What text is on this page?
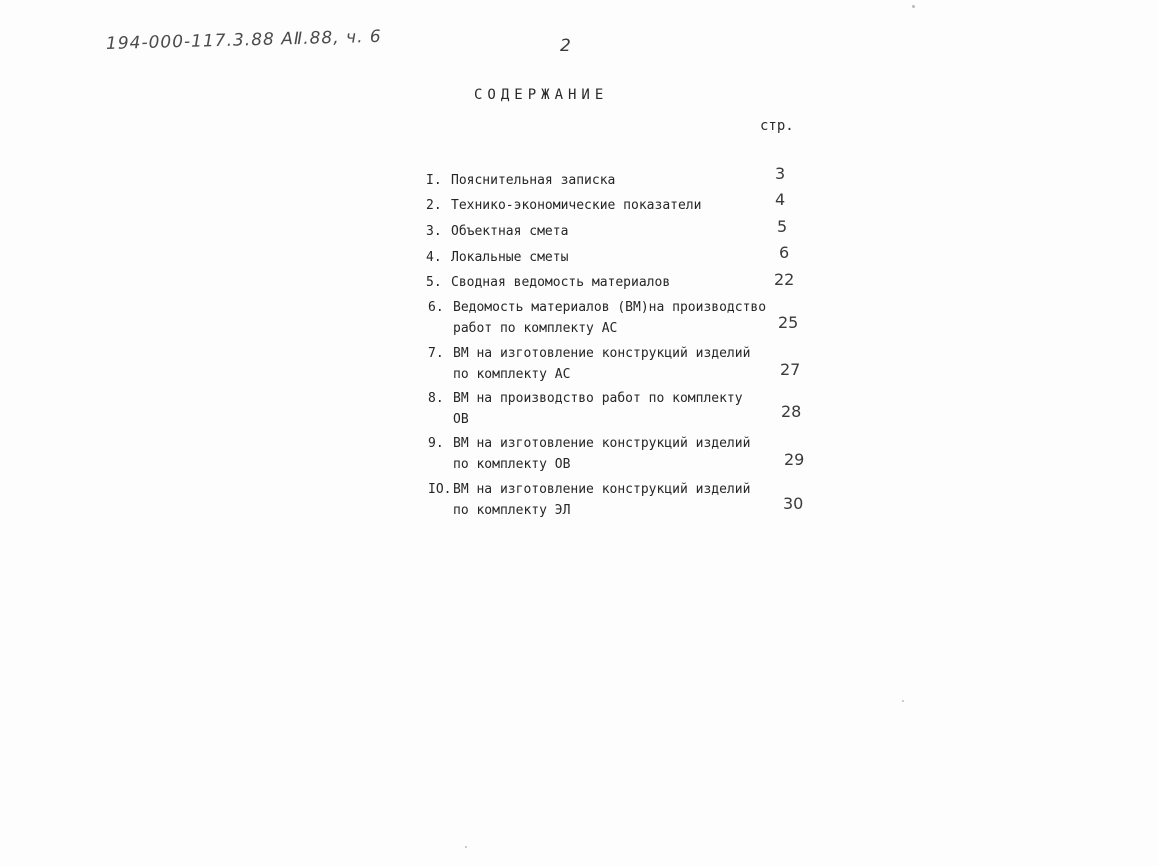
194-000-117.3.88 АⅡ.88, ч. 6	2
СОДЕРЖАНИЕ
стр.
I. Пояснительная записка	3
2. Технико-экономические показатели	4
3. Объектная смета	5
4. Локальные сметы	6
5. Сводная ведомость материалов	22
6. Ведомость материалов (ВМ)на производство
работ по комплекту АС	25
7. ВМ на изготовление конструкций изделий
по комплекту АС	27
8. ВМ на производство работ по комплекту
ОВ	28
9. ВМ на изготовление конструкций изделий
по комплекту ОВ	29
IO. ВМ на изготовление конструкций изделий
по комплекту ЭЛ	30
